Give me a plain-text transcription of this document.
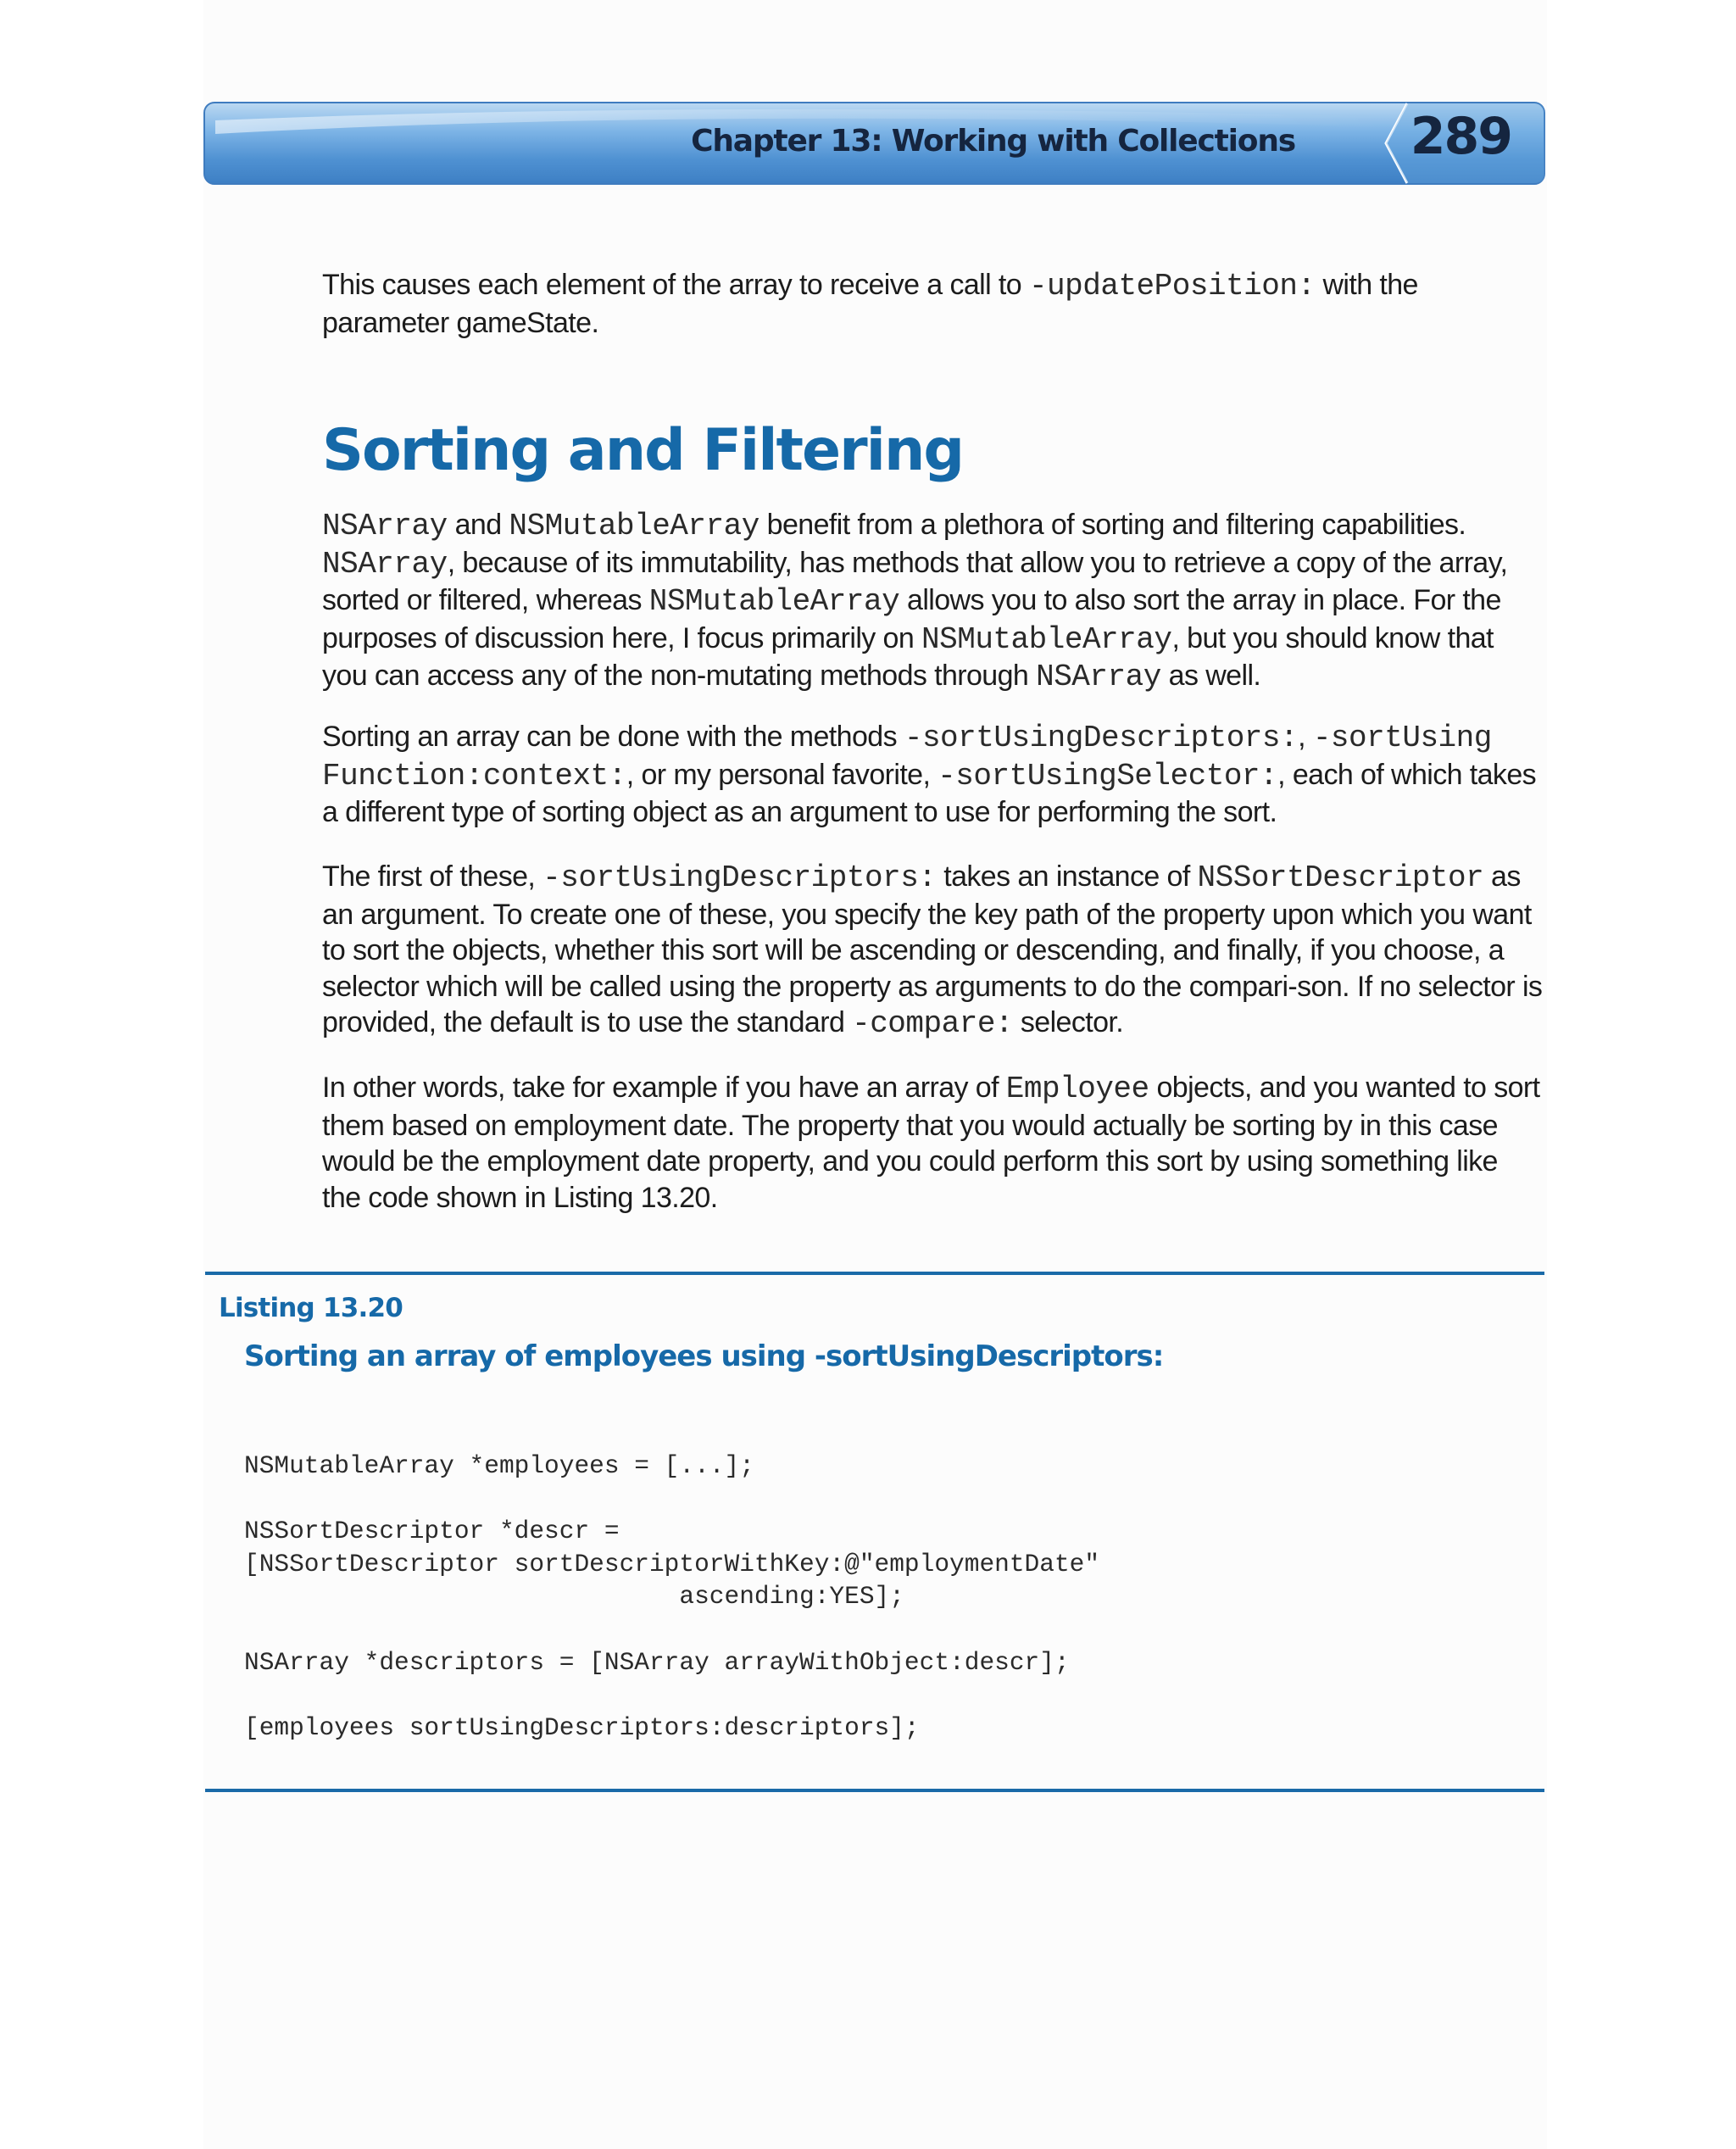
Chapter 13: Working with Collections 289

This causes each element of the array to receive a call to -updatePosition: with the parameter gameState.

Sorting and Filtering

NSArray and NSMutableArray benefit from a plethora of sorting and filtering capabilities. NSArray, because of its immutability, has methods that allow you to retrieve a copy of the array, sorted or filtered, whereas NSMutableArray allows you to also sort the array in place. For the purposes of discussion here, I focus primarily on NSMutableArray, but you should know that you can access any of the non-mutating methods through NSArray as well.

Sorting an array can be done with the methods -sortUsingDescriptors:, -sortUsing
Function:context:, or my personal favorite, -sortUsingSelector:, each of which takes a different type of sorting object as an argument to use for performing the sort.

The first of these, -sortUsingDescriptors: takes an instance of NSSortDescriptor as an argument. To create one of these, you specify the key path of the property upon which you want to sort the objects, whether this sort will be ascending or descending, and finally, if you choose, a selector which will be called using the property as arguments to do the compari-son. If no selector is provided, the default is to use the standard -compare: selector.

In other words, take for example if you have an array of Employee objects, and you wanted to sort them based on employment date. The property that you would actually be sorting by in this case would be the employment date property, and you could perform this sort by using something like the code shown in Listing 13.20.

Listing 13.20
Sorting an array of employees using -sortUsingDescriptors:
NSMutableArray *employees = [...];

NSSortDescriptor *descr =
[NSSortDescriptor sortDescriptorWithKey:@"employmentDate"
ascending:YES];

NSArray *descriptors = [NSArray arrayWithObject:descr];

[employees sortUsingDescriptors:descriptors];
